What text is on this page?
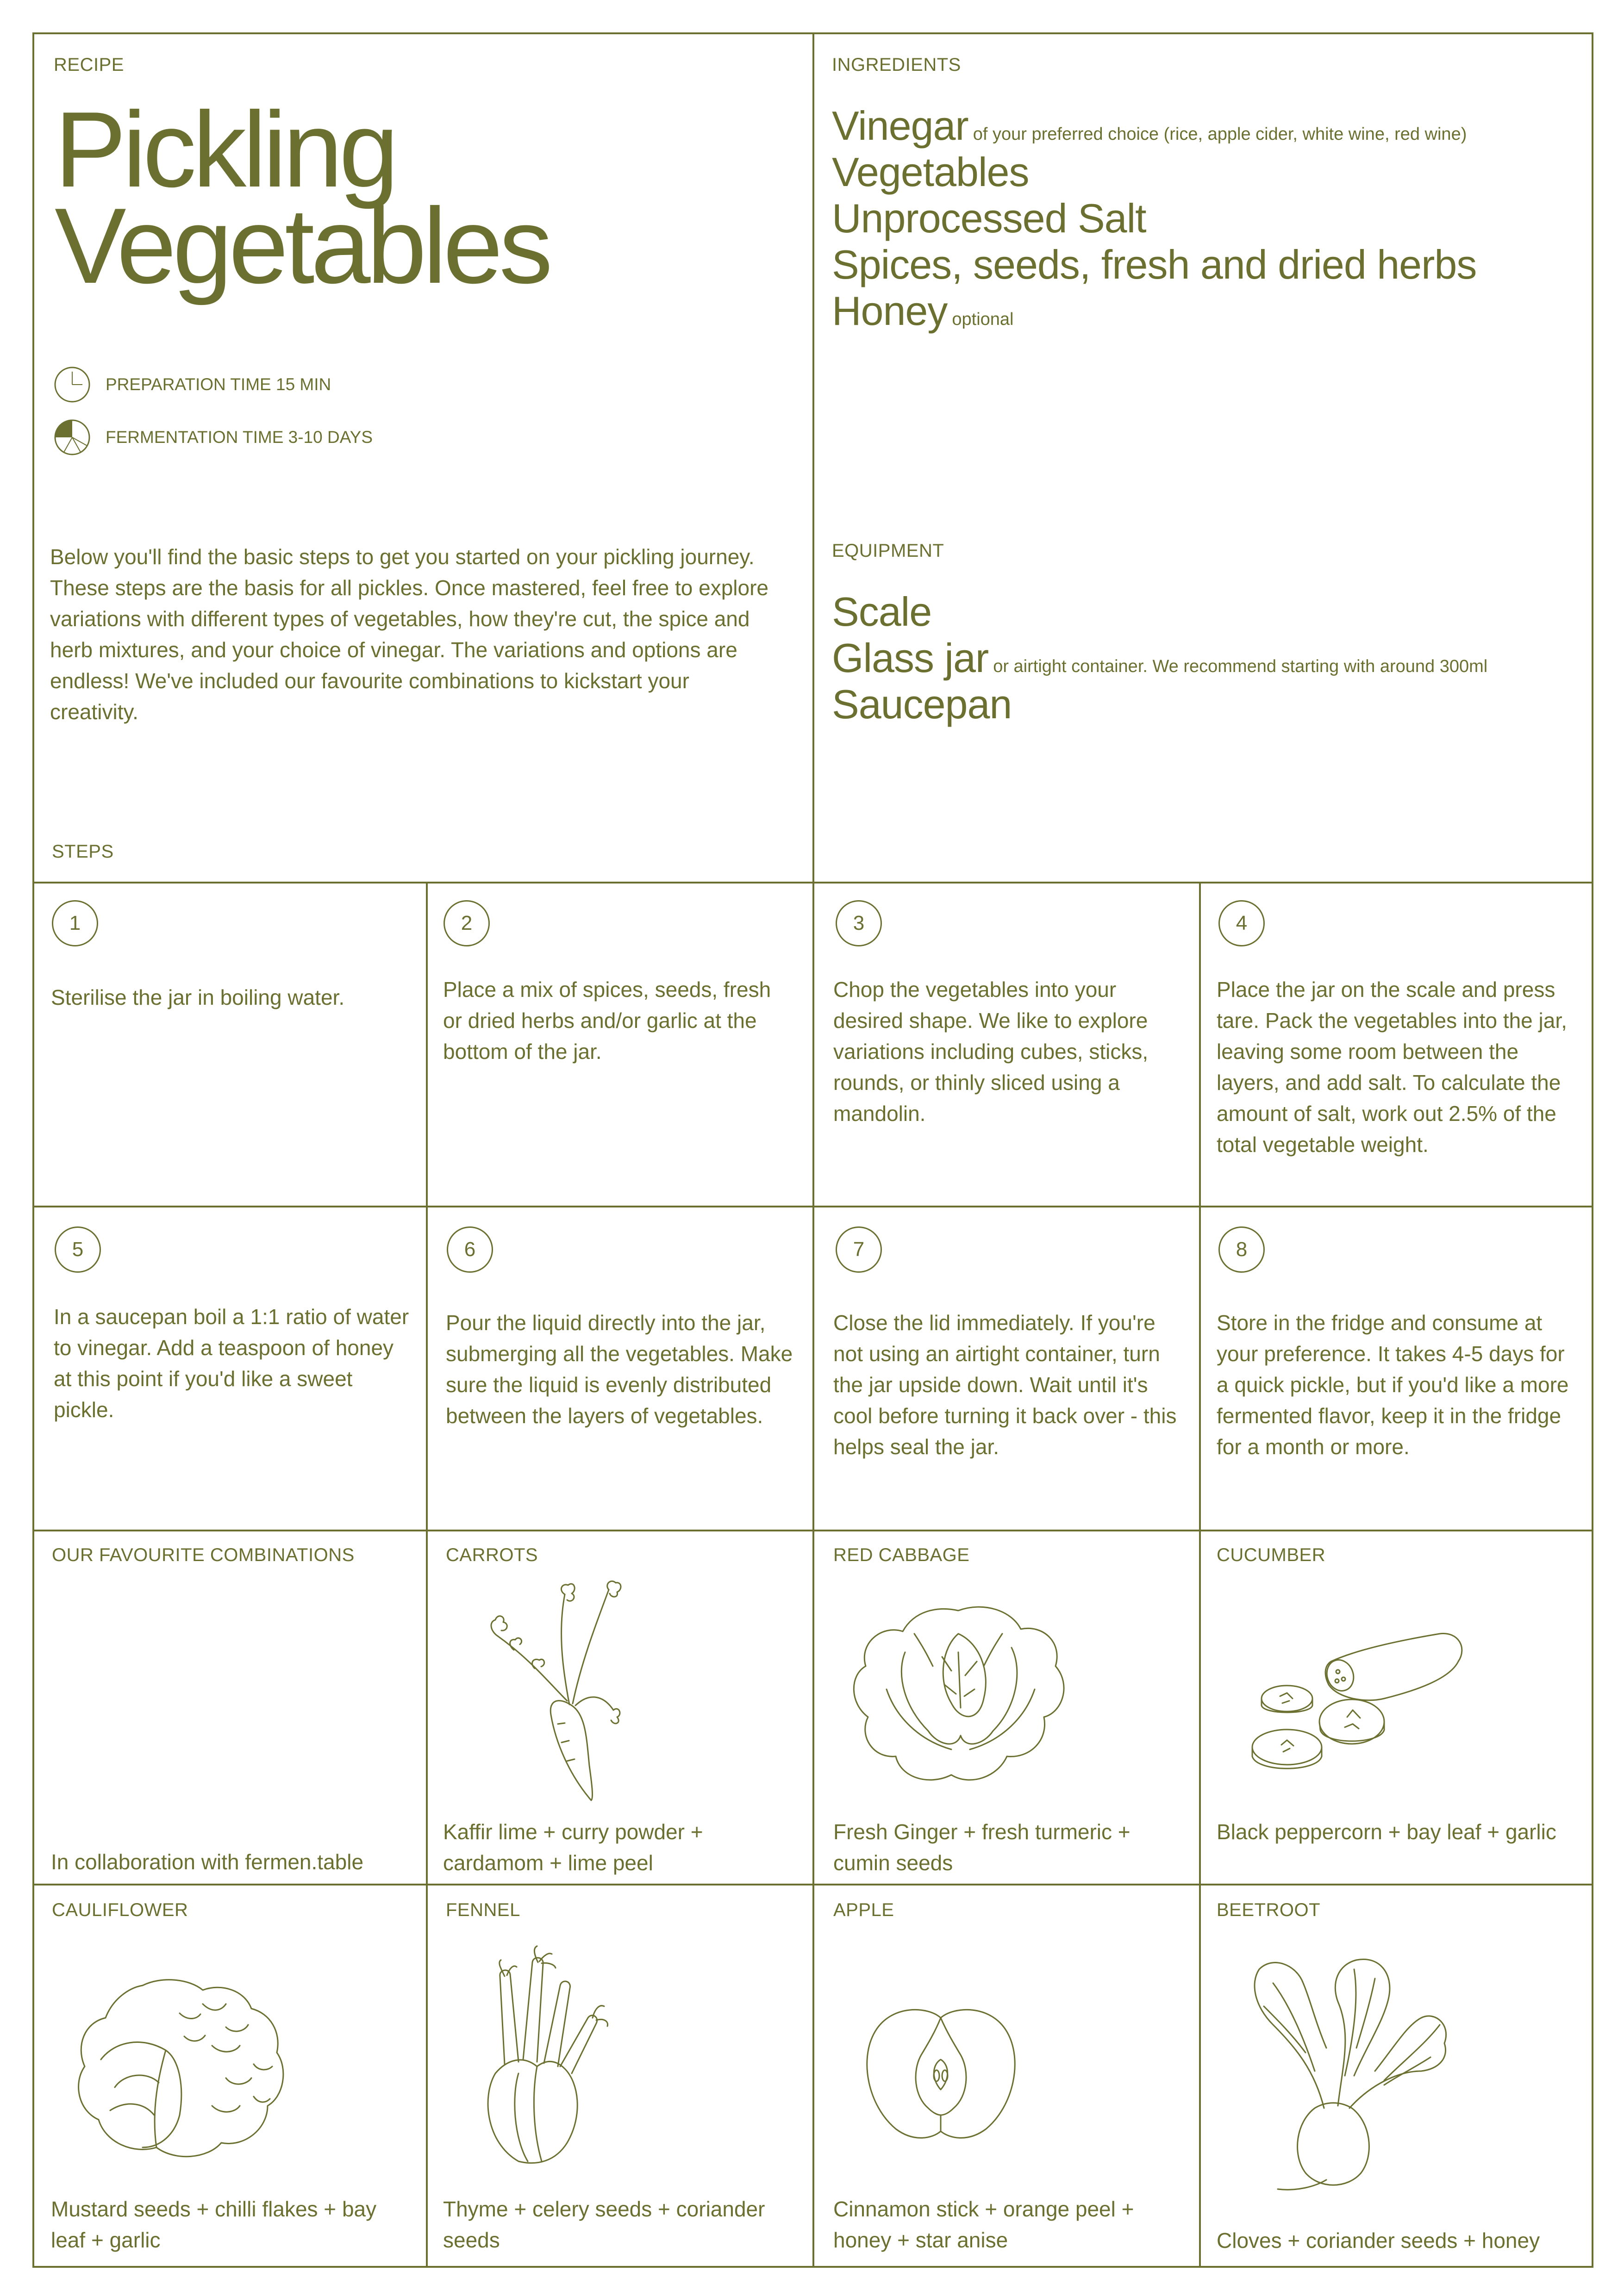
RECIPE
Pickling
Vegetables
PREPARATION TIME 15 MIN
FERMENTATION TIME 3-10 DAYS
Below you'll find the basic steps to get you started on your pickling journey. These steps are the basis for all pickles. Once mastered, feel free to explore variations with different types of vegetables, how they're cut, the spice and herb mixtures, and your choice of vinegar. The variations and options are endless! We've included our favourite combinations to kickstart your creativity.
INGREDIENTS
Vinegar of your preferred choice (rice, apple cider, white wine, red wine)
Vegetables
Unprocessed Salt
Spices, seeds, fresh and dried herbs
Honey optional
EQUIPMENT
Scale
Glass jar or airtight container. We recommend starting with around 300ml
Saucepan
STEPS
1
Sterilise the jar in boiling water.
2
Place a mix of spices, seeds, fresh or dried herbs and/or garlic at the bottom of the jar.
3
Chop the vegetables into your desired shape. We like to explore variations including cubes, sticks, rounds, or thinly sliced using a mandolin.
4
Place the jar on the scale and press tare. Pack the vegetables into the jar, leaving some room between the layers, and add salt. To calculate the amount of salt, work out 2.5% of the total vegetable weight.
5
In a saucepan boil a 1:1 ratio of water to vinegar. Add a teaspoon of honey at this point if you'd like a sweet pickle.
6
Pour the liquid directly into the jar, submerging all the vegetables. Make sure the liquid is evenly distributed between the layers of vegetables.
7
Close the lid immediately. If you're not using an airtight container, turn the jar upside down. Wait until it's cool before turning it back over - this helps seal the jar.
8
Store in the fridge and consume at your preference. It takes 4-5 days for a quick pickle, but if you'd like a more fermented flavor, keep it in the fridge for a month or more.
OUR FAVOURITE COMBINATIONS
In collaboration with fermen.table
CARROTS
Kaffir lime + curry powder + cardamom + lime peel
RED CABBAGE
Fresh Ginger + fresh turmeric + cumin seeds
CUCUMBER
Black peppercorn + bay leaf + garlic
CAULIFLOWER
Mustard seeds + chilli flakes + bay leaf + garlic
FENNEL
Thyme + celery seeds + coriander seeds
APPLE
Cinnamon stick + orange peel + honey + star anise
BEETROOT
Cloves + coriander seeds + honey
